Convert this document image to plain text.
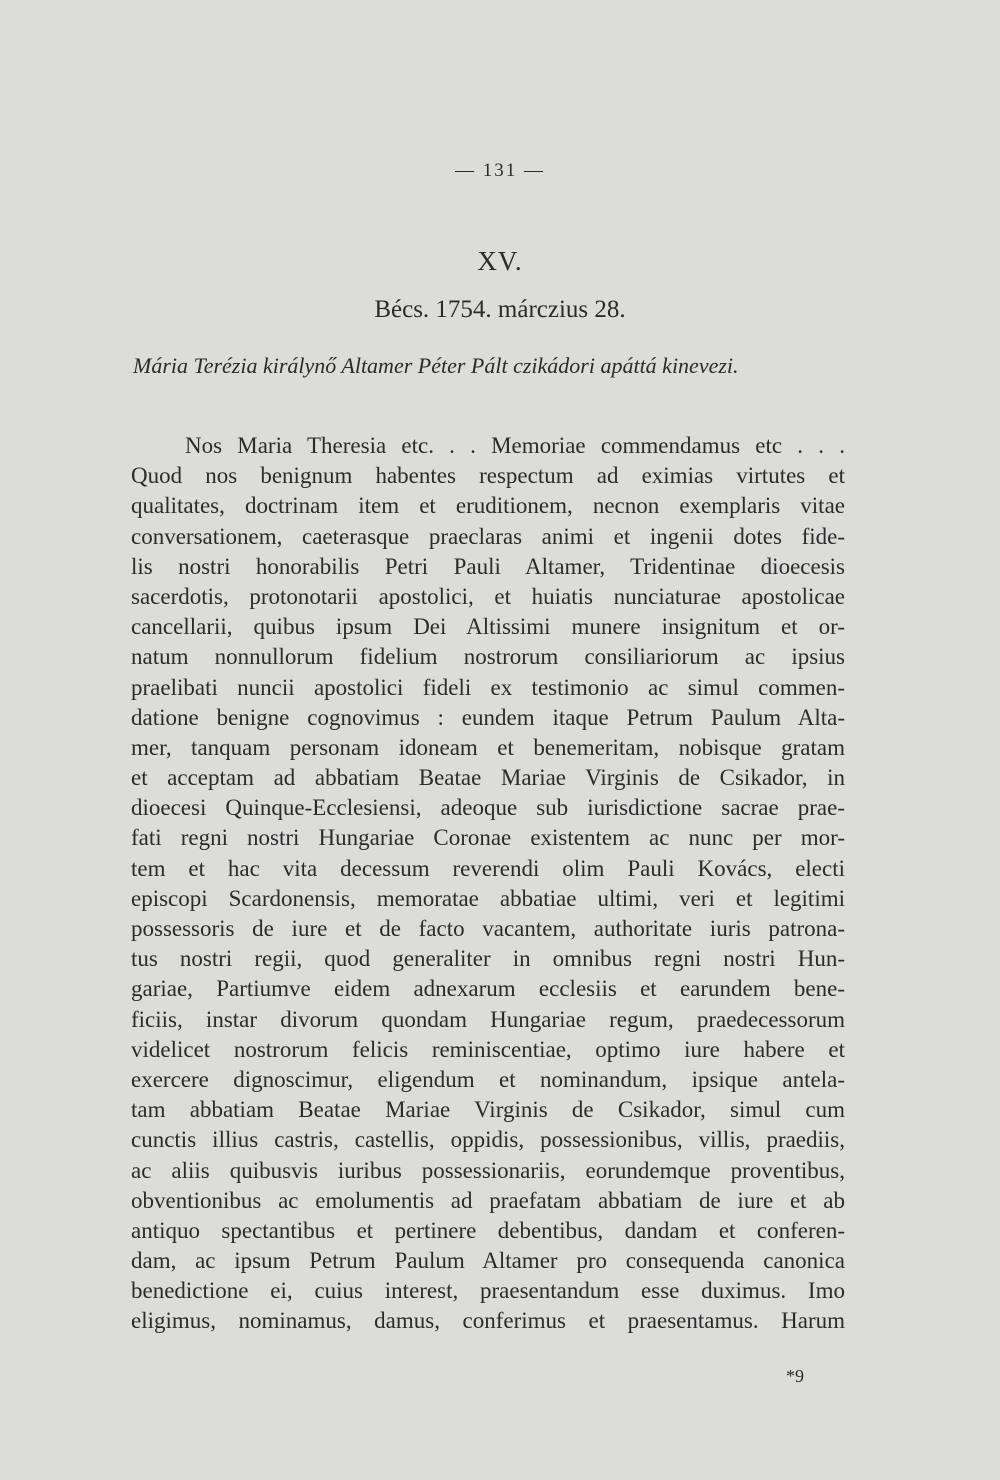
— 131 —
XV.
Bécs. 1754. márczius 28.
Mária Terézia királynő Altamer Péter Pált czikádori apáttá kinevezi.
Nos Maria Theresia etc. . . Memoriae commendamus etc . . .
Quod nos benignum habentes respectum ad eximias virtutes et
qualitates, doctrinam item et eruditionem, necnon exemplaris vitae
conversationem, caeterasque praeclaras animi et ingenii dotes fide-
lis nostri honorabilis Petri Pauli Altamer, Tridentinae dioecesis
sacerdotis, protonotarii apostolici, et huiatis nunciaturae apostolicae
cancellarii, quibus ipsum Dei Altissimi munere insignitum et or-
natum nonnullorum fidelium nostrorum consiliariorum ac ipsius
praelibati nuncii apostolici fideli ex testimonio ac simul commen-
datione benigne cognovimus : eundem itaque Petrum Paulum Alta-
mer, tanquam personam idoneam et benemeritam, nobisque gratam
et acceptam ad abbatiam Beatae Mariae Virginis de Csikador, in
dioecesi Quinque-Ecclesiensi, adeoque sub iurisdictione sacrae prae-
fati regni nostri Hungariae Coronae existentem ac nunc per mor-
tem et hac vita decessum reverendi olim Pauli Kovács, electi
episcopi Scardonensis, memoratae abbatiae ultimi, veri et legitimi
possessoris de iure et de facto vacantem, authoritate iuris patrona-
tus nostri regii, quod generaliter in omnibus regni nostri Hun-
gariae, Partiumve eidem adnexarum ecclesiis et earundem bene-
ficiis, instar divorum quondam Hungariae regum, praedecessorum
videlicet nostrorum felicis reminiscentiae, optimo iure habere et
exercere dignoscimur, eligendum et nominandum, ipsique antela-
tam abbatiam Beatae Mariae Virginis de Csikador, simul cum
cunctis illius castris, castellis, oppidis, possessionibus, villis, praediis,
ac aliis quibusvis iuribus possessionariis, eorundemque proventibus,
obventionibus ac emolumentis ad praefatam abbatiam de iure et ab
antiquo spectantibus et pertinere debentibus, dandam et conferen-
dam, ac ipsum Petrum Paulum Altamer pro consequenda canonica
benedictione ei, cuius interest, praesentandum esse duximus. Imo
eligimus, nominamus, damus, conferimus et praesentamus. Harum
*9
